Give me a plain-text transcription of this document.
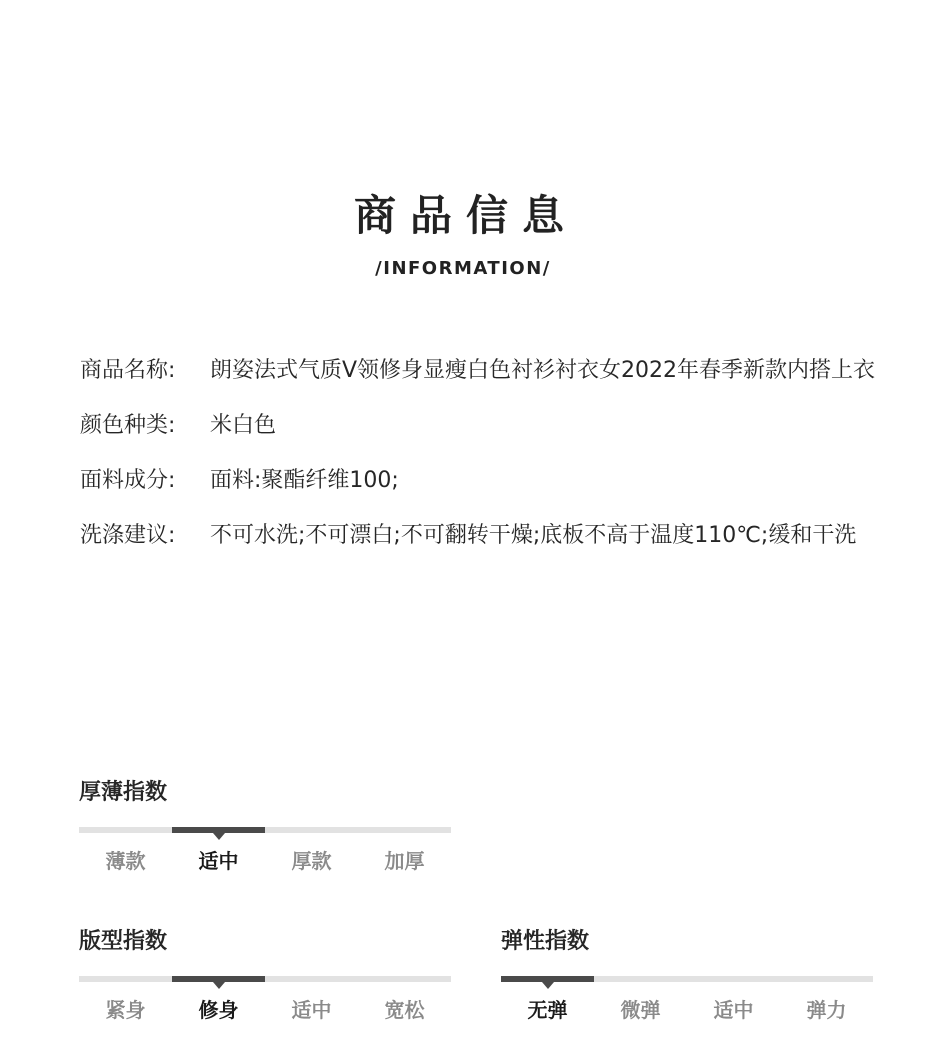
商品信息
/INFORMATION/
商品名称:	朗姿法式气质V领修身显瘦白色衬衫衬衣女2022年春季新款内搭上衣
颜色种类:	米白色
面料成分:	面料:聚酯纤维100;
洗涤建议:	不可水洗;不可漂白;不可翻转干燥;底板不高于温度110℃;缓和干洗
厚薄指数
薄款	适中	厚款	加厚
版型指数
紧身	修身	适中	宽松
弹性指数
无弹	微弹	适中	弹力
